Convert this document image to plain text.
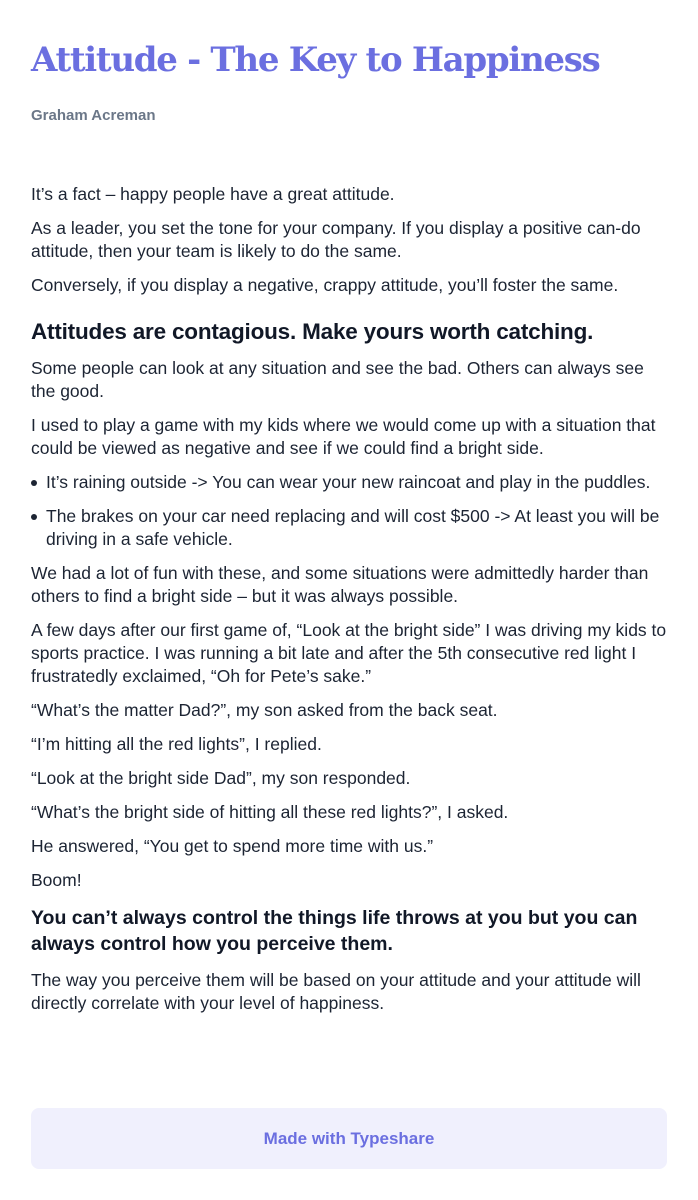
Attitude - The Key to Happiness
Graham Acreman

It’s a fact – happy people have a great attitude.

As a leader, you set the tone for your company. If you display a positive can-do attitude, then your team is likely to do the same.

Conversely, if you display a negative, crappy attitude, you’ll foster the same.

Attitudes are contagious. Make yours worth catching.

Some people can look at any situation and see the bad. Others can always see the good.

I used to play a game with my kids where we would come up with a situation that could be viewed as negative and see if we could find a bright side.

It’s raining outside -> You can wear your new raincoat and play in the puddles.
The brakes on your car need replacing and will cost $500 -> At least you will be driving in a safe vehicle.

We had a lot of fun with these, and some situations were admittedly harder than others to find a bright side – but it was always possible.

A few days after our first game of, “Look at the bright side” I was driving my kids to sports practice. I was running a bit late and after the 5th consecutive red light I frustratedly exclaimed, “Oh for Pete’s sake.”

“What’s the matter Dad?”, my son asked from the back seat.

“I’m hitting all the red lights”, I replied.

“Look at the bright side Dad”, my son responded.

“What’s the bright side of hitting all these red lights?”, I asked.

He answered, “You get to spend more time with us.”

Boom!

You can’t always control the things life throws at you but you can always control how you perceive them.

The way you perceive them will be based on your attitude and your attitude will directly correlate with your level of happiness.

Made with Typeshare
